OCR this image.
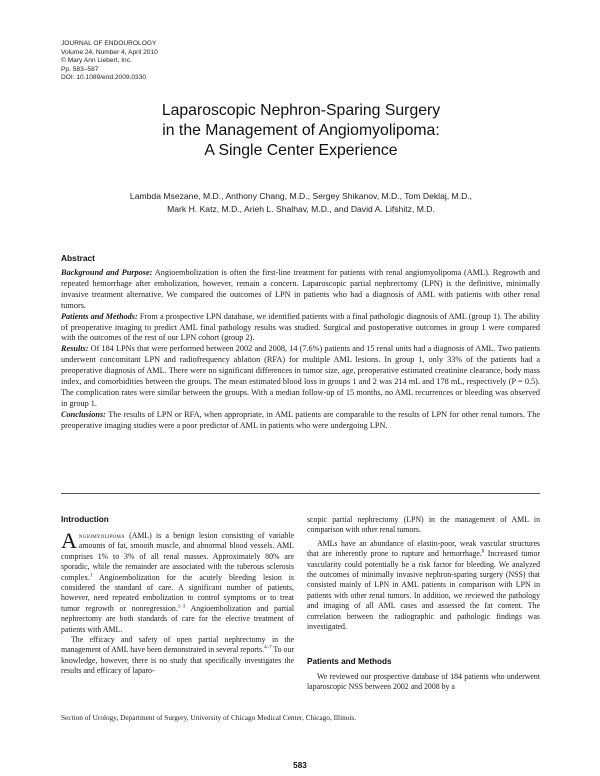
JOURNAL OF ENDOUROLOGY
Volume 24, Number 4, April 2010
© Mary Ann Liebert, Inc.
Pp. 583–587
DOI: 10.1089/end.2009.0330
Laparoscopic Nephron-Sparing Surgery
in the Management of Angiomyolipoma:
A Single Center Experience
Lambda Msezane, M.D., Anthony Chang, M.D., Sergey Shikanov, M.D., Tom Deklaj, M.D.,
Mark H. Katz, M.D., Arieh L. Shalhav, M.D., and David A. Lifshitz, M.D.
Abstract

Background and Purpose: Angioembolization is often the first-line treatment for patients with renal angiomyolipoma (AML). Regrowth and repeated hemorrhage after embolization, however, remain a concern. Laparoscopic partial nephrectomy (LPN) is the definitive, minimally invasive treatment alternative. We compared the outcomes of LPN in patients who had a diagnosis of AML with patients with other renal tumors.

Patients and Methods: From a prospective LPN database, we identified patients with a final pathologic diagnosis of AML (group 1). The ability of preoperative imaging to predict AML final pathology results was studied. Surgical and postoperative outcomes in group 1 were compared with the outcomes of the rest of our LPN cohort (group 2).

Results: Of 184 LPNs that were performed between 2002 and 2008, 14 (7.6%) patients and 15 renal units had a diagnosis of AML. Two patients underwent concomitant LPN and radiofrequency ablation (RFA) for multiple AML lesions. In group 1, only 33% of the patients had a preoperative diagnosis of AML. There were no significant differences in tumor size, age, preoperative estimated creatinine clearance, body mass index, and comorbidities between the groups. The mean estimated blood loss in groups 1 and 2 was 214 mL and 178 mL, respectively (P = 0.5). The complication rates were similar between the groups. With a median follow-up of 15 months, no AML recurrences or bleeding was observed in group 1.

Conclusions: The results of LPN or RFA, when appropriate, in AML patients are comparable to the results of LPN for other renal tumors. The preoperative imaging studies were a poor predictor of AML in patients who were undergoing LPN.

Introduction

Angiomyolipoma (AML) is a benign lesion consisting of variable amounts of fat, smooth muscle, and abnormal blood vessels. AML comprises 1% to 3% of all renal masses. Approximately 80% are sporadic, while the remainder are associated with the tuberous sclerosis complex.$^1$ Angioembolization for the acutely bleeding lesion is considered the standard of care. A significant number of patients, however, need repeated embolization to control symptoms or to treat tumor regrowth or nonregression.$^{1-3}$ Angioembolization and partial nephrectomy are both standards of care for the elective treatment of patients with AML.

The efficacy and safety of open partial nephrectomy in the management of AML have been demonstrated in several reports.$^{4-7}$ To our knowledge, however, there is no study that specifically investigates the results and efficacy of laparo-

scopic partial nephrectomy (LPN) in the management of AML in comparison with other renal tumors.

AMLs have an abundance of elastin-poor, weak vascular structures that are inherently prone to rupture and hemorrhage.$^8$ Increased tumor vascularity could potentially be a risk factor for bleeding. We analyzed the outcomes of minimally invasive nephron-sparing surgery (NSS) that consisted mainly of LPN in AML patients in comparison with LPN in patients with other renal tumors. In addition, we reviewed the pathology and imaging of all AML cases and assessed the fat content. The correlation between the radiographic and pathologic findings was investigated.

Patients and Methods

We reviewed our prospective database of 184 patients who underwent laparoscopic NSS between 2002 and 2008 by a

Section of Urology, Department of Surgery, University of Chicago Medical Center, Chicago, Illinois.
583
